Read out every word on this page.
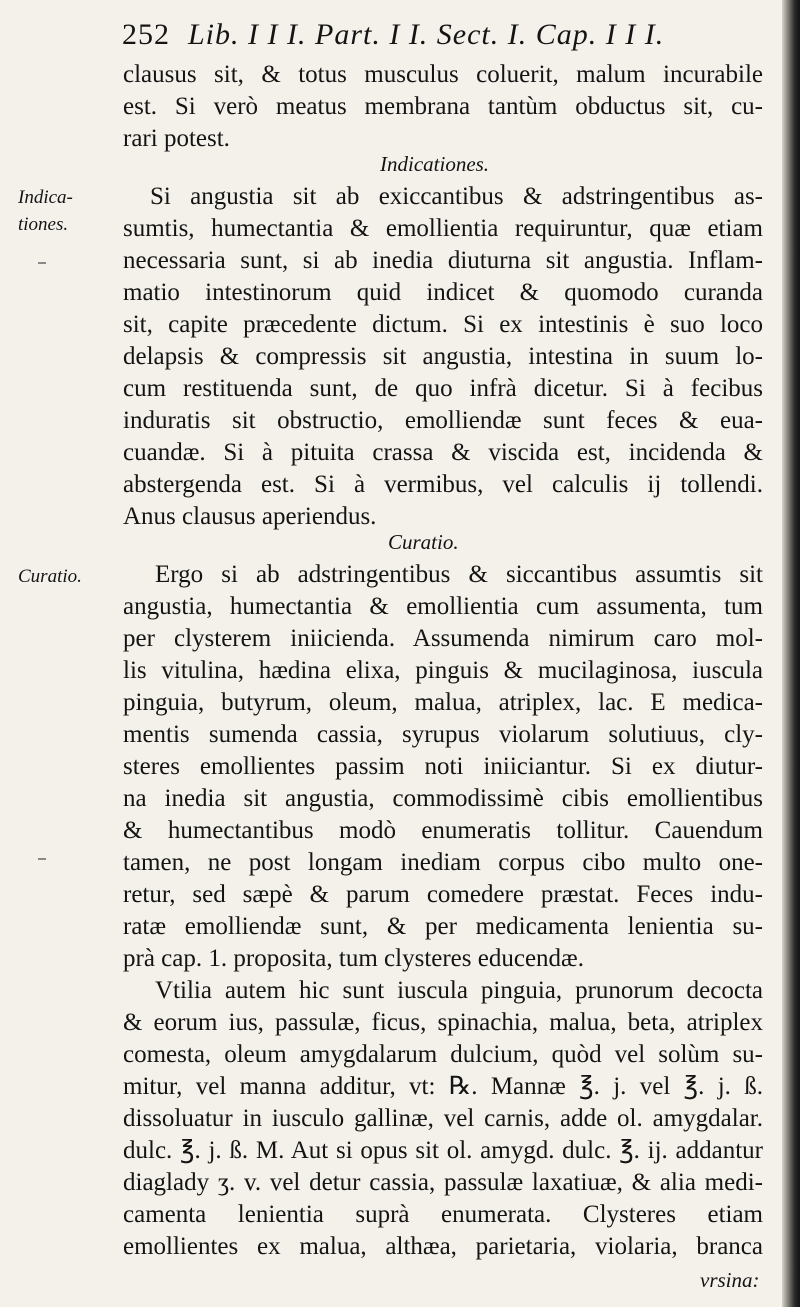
252 Lib. I I I. Part. I I. Sect. I. Cap. I I I.
clausus sit, & totus musculus coluerit, malum incurabile
est. Si verò meatus membrana tantùm obductus sit, cu-
rari potest.
Indicationes.
Indica-
tiones.
Si angustia sit ab exiccantibus & adstringentibus as-
sumtis, humectantia & emollientia requiruntur, quæ etiam
necessaria sunt, si ab inedia diuturna sit angustia. Inflam-
matio intestinorum quid indicet & quomodo curanda
sit, capite præcedente dictum. Si ex intestinis è suo loco
delapsis & compressis sit angustia, intestina in suum lo-
cum restituenda sunt, de quo infrà dicetur. Si à fecibus
induratis sit obstructio, emolliendæ sunt feces & eua-
cuandæ. Si à pituita crassa & viscida est, incidenda &
abstergenda est. Si à vermibus, vel calculis ij tollendi.
Anus clausus aperiendus.
Curatio.
Curatio.	Ergo si ab adstringentibus & siccantibus assumtis sit
angustia, humectantia & emollientia cum assumenta, tum
per clysterem iniicienda. Assumenda nimirum caro mol-
lis vitulina, hædina elixa, pinguis & mucilaginosa, iuscula
pinguia, butyrum, oleum, malua, atriplex, lac. E medica-
mentis sumenda cassia, syrupus violarum solutiuus, cly-
steres emollientes passim noti iniiciantur. Si ex diutur-
na inedia sit angustia, commodissimè cibis emollientibus
& humectantibus modò enumeratis tollitur. Cauendum
tamen, ne post longam inediam corpus cibo multo one-
retur, sed sæpè & parum comedere præstat. Feces indu-
ratæ emolliendæ sunt, & per medicamenta lenientia su-
prà cap. 1. proposita, tum clysteres educendæ.
Vtilia autem hic sunt iuscula pinguia, prunorum decocta
& eorum ius, passulæ, ficus, spinachia, malua, beta, atriplex
comesta, oleum amygdalarum dulcium, quòd vel solùm su-
mitur, vel manna additur, vt: ℞. Mannæ ℥. j. vel ℥. j. ß.
dissoluatur in iusculo gallinæ, vel carnis, adde ol. amygdalar.
dulc. ℥. j. ß. M. Aut si opus sit ol. amygd. dulc. ℥. ij. addantur
diaglady ʒ. v. vel detur cassia, passulæ laxatiuæ, & alia medi-
camenta lenientia suprà enumerata. Clysteres etiam
emollientes ex malua, althæa, parietaria, violaria, branca
vrsina:
